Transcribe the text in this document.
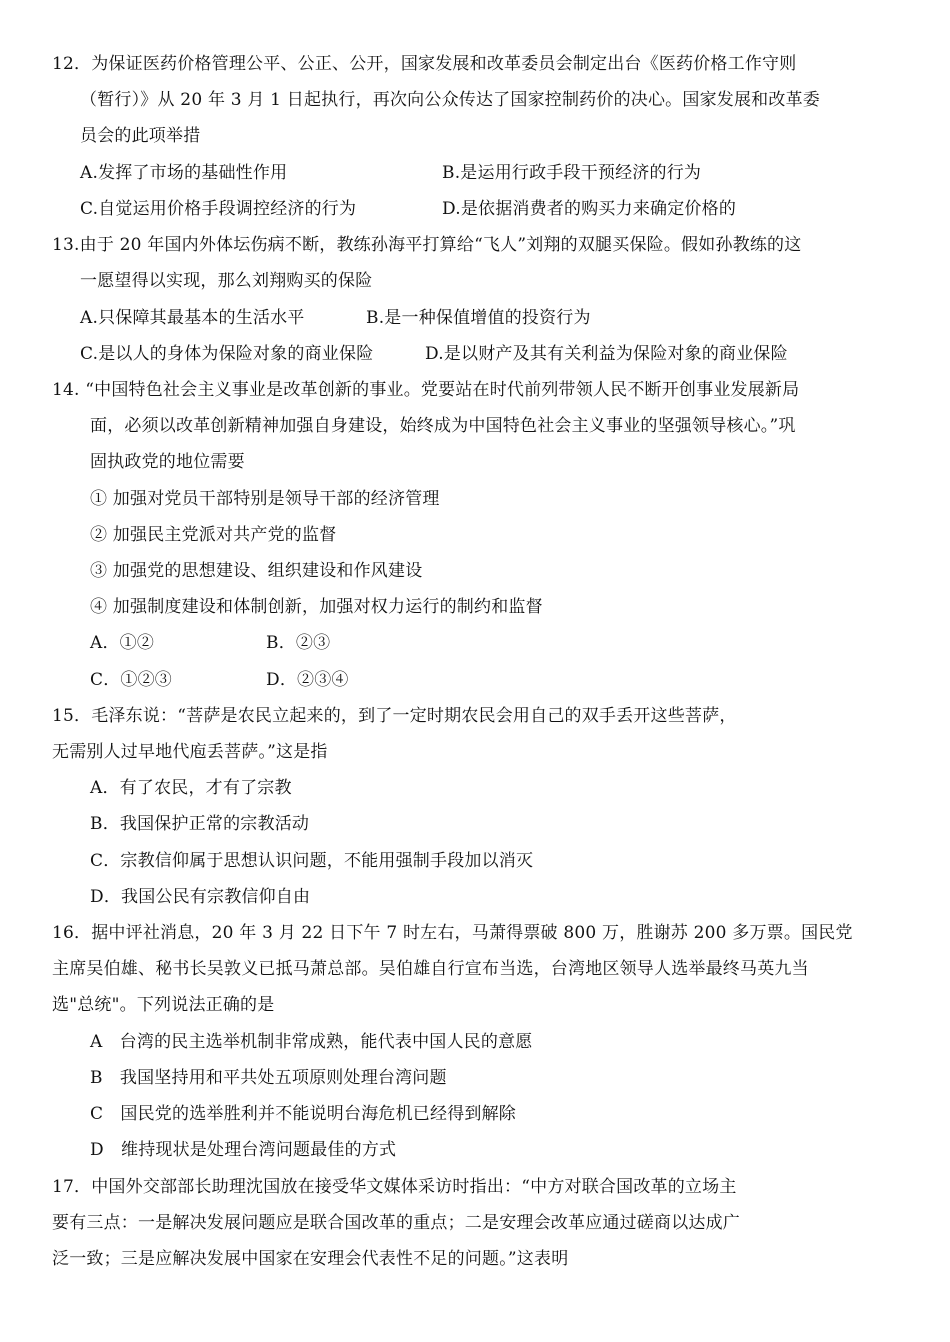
12．为保证医药价格管理公平、公正、公开，国家发展和改革委员会制定出台《医药价格工作守则
（暂行）》从 20 年 3 月 1 日起执行，再次向公众传达了国家控制药价的决心。国家发展和改革委
员会的此项举措
A.发挥了市场的基础性作用	B.是运用行政手段干预经济的行为
C.自觉运用价格手段调控经济的行为	D.是依据消费者的购买力来确定价格的
13.由于 20 年国内外体坛伤病不断，教练孙海平打算给“飞人”刘翔的双腿买保险。假如孙教练的这
一愿望得以实现，那么刘翔购买的保险
A.只保障其最基本的生活水平	B.是一种保值增值的投资行为
C.是以人的身体为保险对象的商业保险	D.是以财产及其有关利益为保险对象的商业保险
14. “中国特色社会主义事业是改革创新的事业。党要站在时代前列带领人民不断开创事业发展新局
面，必须以改革创新精神加强自身建设，始终成为中国特色社会主义事业的坚强领导核心。”巩
固执政党的地位需要
① 加强对党员干部特别是领导干部的经济管理
② 加强民主党派对共产党的监督
③ 加强党的思想建设、组织建设和作风建设
④ 加强制度建设和体制创新，加强对权力运行的制约和监督
A．①②	B．②③
C．①②③	D．②③④
15．毛泽东说：“菩萨是农民立起来的，到了一定时期农民会用自己的双手丢开这些菩萨，
无需别人过早地代庖丢菩萨。”这是指
A．有了农民，才有了宗教
B．我国保护正常的宗教活动
C．宗教信仰属于思想认识问题，不能用强制手段加以消灭
D．我国公民有宗教信仰自由
16．据中评社消息，20 年 3 月 22 日下午 7 时左右，马萧得票破 800 万，胜谢苏 200 多万票。国民党
主席吴伯雄、秘书长吴敦义已抵马萧总部。吴伯雄自行宣布当选，台湾地区领导人选举最终马英九当
选"总统"。下列说法正确的是
A　台湾的民主选举机制非常成熟，能代表中国人民的意愿
B　我国坚持用和平共处五项原则处理台湾问题
C　国民党的选举胜利并不能说明台海危机已经得到解除
D　维持现状是处理台湾问题最佳的方式
17．中国外交部部长助理沈国放在接受华文媒体采访时指出：“中方对联合国改革的立场主
要有三点：一是解决发展问题应是联合国改革的重点；二是安理会改革应通过磋商以达成广
泛一致；三是应解决发展中国家在安理会代表性不足的问题。”这表明
